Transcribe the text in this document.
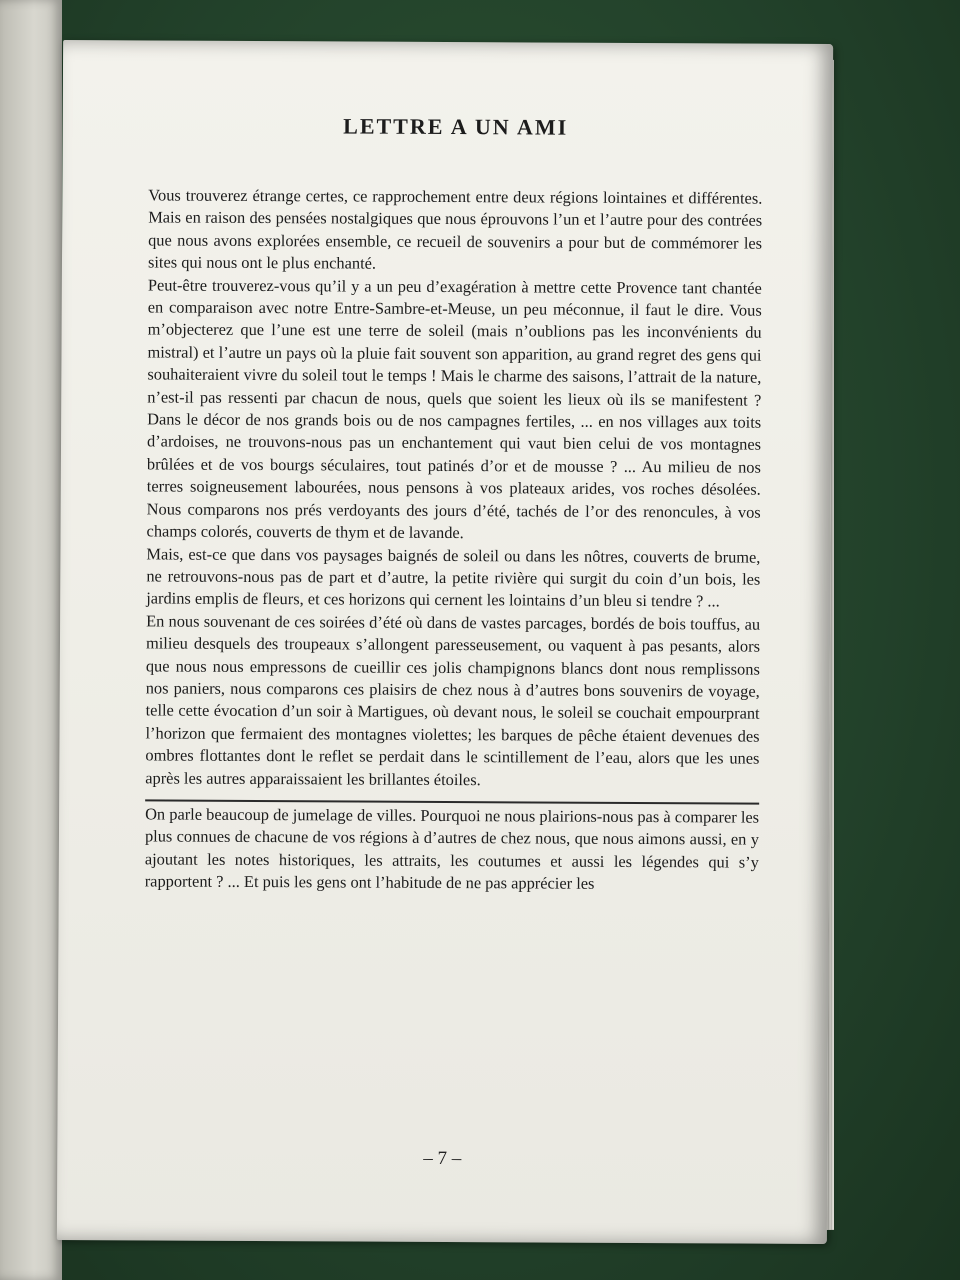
LETTRE A UN AMI

Vous trouverez étrange certes, ce rapprochement entre deux régions lointaines et différentes. Mais en raison des pensées nostalgiques que nous éprouvons l’un et l’autre pour des contrées que nous avons explorées ensemble, ce recueil de souvenirs a pour but de commémorer les sites qui nous ont le plus enchanté.

Peut-être trouverez-vous qu’il y a un peu d’exagération à mettre cette Provence tant chantée en comparaison avec notre Entre-Sambre-et-Meuse, un peu méconnue, il faut le dire. Vous m’objecterez que l’une est une terre de soleil (mais n’oublions pas les inconvénients du mistral) et l’autre un pays où la pluie fait souvent son apparition, au grand regret des gens qui souhaiteraient vivre du soleil tout le temps ! Mais le charme des saisons, l’attrait de la nature, n’est-il pas ressenti par chacun de nous, quels que soient les lieux où ils se manifestent ? Dans le décor de nos grands bois ou de nos campagnes fertiles, ... en nos villages aux toits d’ardoises, ne trouvons-nous pas un enchantement qui vaut bien celui de vos montagnes brûlées et de vos bourgs séculaires, tout patinés d’or et de mousse ? ... Au milieu de nos terres soigneusement labourées, nous pensons à vos plateaux arides, vos roches désolées. Nous comparons nos prés verdoyants des jours d’été, tachés de l’or des renoncules, à vos champs colorés, couverts de thym et de lavande.

Mais, est-ce que dans vos paysages baignés de soleil ou dans les nôtres, couverts de brume, ne retrouvons-nous pas de part et d’autre, la petite rivière qui surgit du coin d’un bois, les jardins emplis de fleurs, et ces horizons qui cernent les lointains d’un bleu si tendre ? ...

En nous souvenant de ces soirées d’été où dans de vastes parcages, bordés de bois touffus, au milieu desquels des troupeaux s’allongent paresseusement, ou vaquent à pas pesants, alors que nous nous empressons de cueillir ces jolis champignons blancs dont nous remplissons nos paniers, nous comparons ces plaisirs de chez nous à d’autres bons souvenirs de voyage, telle cette évocation d’un soir à Martigues, où devant nous, le soleil se couchait empourprant l’horizon que fermaient des montagnes violettes; les barques de pêche étaient devenues des ombres flottantes dont le reflet se perdait dans le scintillement de l’eau, alors que les unes après les autres apparaissaient les brillantes étoiles.

On parle beaucoup de jumelage de villes. Pourquoi ne nous plairions-nous pas à comparer les plus connues de chacune de vos régions à d’autres de chez nous, que nous aimons aussi, en y ajoutant les notes historiques, les attraits, les coutumes et aussi les légendes qui s’y rapportent ? ... Et puis les gens ont l’habitude de ne pas apprécier les

– 7 –
